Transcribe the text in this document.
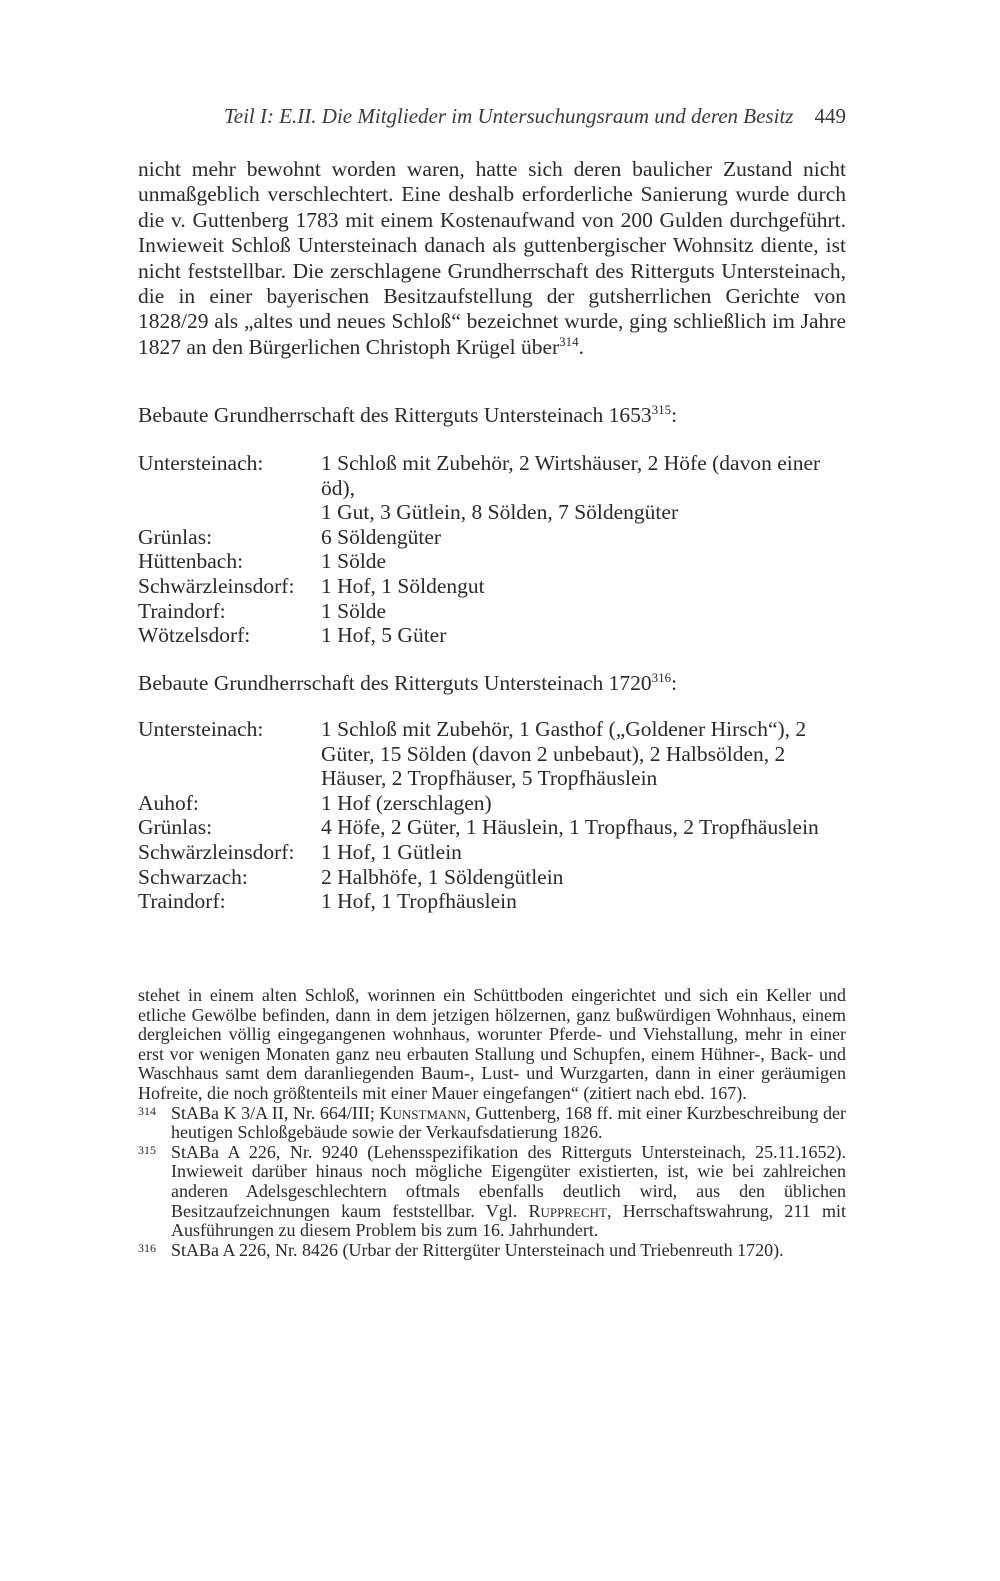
Teil I: E.II. Die Mitglieder im Untersuchungsraum und deren Besitz	449

nicht mehr bewohnt worden waren, hatte sich deren baulicher Zustand nicht unmaßgeblich verschlechtert. Eine deshalb erforderliche Sanierung wurde durch die v. Guttenberg 1783 mit einem Kostenaufwand von 200 Gulden durchgeführt. Inwieweit Schloß Untersteinach danach als guttenbergischer Wohnsitz diente, ist nicht feststellbar. Die zerschlagene Grundherrschaft des Ritterguts Untersteinach, die in einer bayerischen Besitzaufstellung der gutsherrlichen Gerichte von 1828/29 als „altes und neues Schloß“ bezeichnet wurde, ging schließlich im Jahre 1827 an den Bürgerlichen Christoph Krügel über$^{314}$.

Bebaute Grundherrschaft des Ritterguts Untersteinach 1653$^{315}$:

Untersteinach:	1 Schloß mit Zubehör, 2 Wirtshäuser, 2 Höfe (davon einer öd),
1 Gut, 3 Gütlein, 8 Sölden, 7 Söldengüter

Grünlas:	6 Söldengüter
Hüttenbach:	1 Sölde
Schwärzleinsdorf:	1 Hof, 1 Söldengut
Traindorf:	1 Sölde
Wötzelsdorf:	1 Hof, 5 Güter

Bebaute Grundherrschaft des Ritterguts Untersteinach 1720$^{316}$:

Untersteinach:	1 Schloß mit Zubehör, 1 Gasthof („Goldener Hirsch“), 2 Güter, 15 Sölden (davon 2 unbebaut), 2 Halbsölden, 2 Häuser, 2 Tropfhäuser, 5 Tropfhäuslein
Auhof:	1 Hof (zerschlagen)
Grünlas:	4 Höfe, 2 Güter, 1 Häuslein, 1 Tropfhaus, 2 Tropfhäuslein
Schwärzleinsdorf:	1 Hof, 1 Gütlein
Schwarzach:	2 Halbhöfe, 1 Söldengütlein
Traindorf:	1 Hof, 1 Tropfhäuslein

stehet in einem alten Schloß, worinnen ein Schüttboden eingerichtet und sich ein Keller und etliche Gewölbe befinden, dann in dem jetzigen hölzernen, ganz bußwürdigen Wohnhaus, einem dergleichen völlig eingegangenen wohnhaus, worunter Pferde- und Viehstallung, mehr in einer erst vor wenigen Monaten ganz neu erbauten Stallung und Schupfen, einem Hühner-, Back- und Waschhaus samt dem daranliegenden Baum-, Lust- und Wurzgarten, dann in einer geräumigen Hofreite, die noch größtenteils mit einer Mauer eingefangen“ (zitiert nach ebd. 167).

314 StABa K 3/A II, Nr. 664/III; Kunstmann, Guttenberg, 168 ff. mit einer Kurzbeschreibung der heutigen Schloßgebäude sowie der Verkaufsdatierung 1826.

315 StABa A 226, Nr. 9240 (Lehensspezifikation des Ritterguts Untersteinach, 25.11.1652). Inwieweit darüber hinaus noch mögliche Eigengüter existierten, ist, wie bei zahlreichen anderen Adelsgeschlechtern oftmals ebenfalls deutlich wird, aus den üblichen Besitzaufzeichnungen kaum feststellbar. Vgl. Rupprecht, Herrschaftswahrung, 211 mit Ausführungen zu diesem Problem bis zum 16. Jahrhundert.

316 StABa A 226, Nr. 8426 (Urbar der Rittergüter Untersteinach und Triebenreuth 1720).
